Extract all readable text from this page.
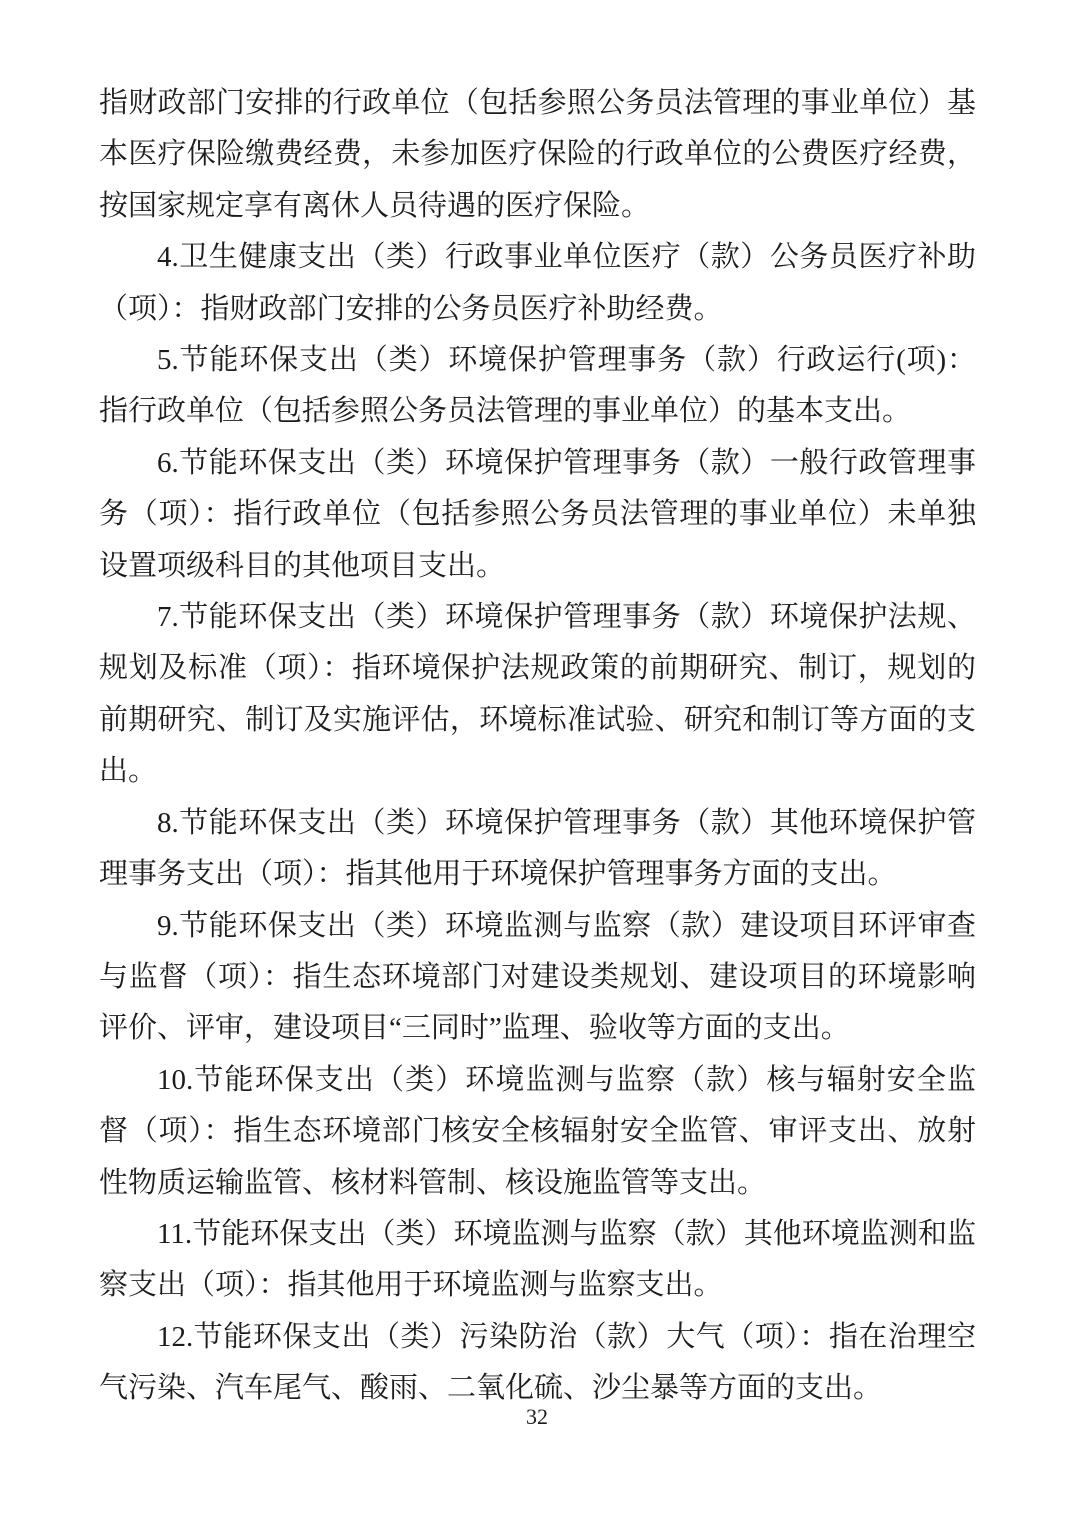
指财政部门安排的行政单位（包括参照公务员法管理的事业单位）基本医疗保险缴费经费，未参加医疗保险的行政单位的公费医疗经费，按国家规定享有离休人员待遇的医疗保险。

4.卫生健康支出（类）行政事业单位医疗（款）公务员医疗补助（项）：指财政部门安排的公务员医疗补助经费。

5.节能环保支出（类）环境保护管理事务（款）行政运行(项)：指行政单位（包括参照公务员法管理的事业单位）的基本支出。

6.节能环保支出（类）环境保护管理事务（款）一般行政管理事务（项）：指行政单位（包括参照公务员法管理的事业单位）未单独设置项级科目的其他项目支出。

7.节能环保支出（类）环境保护管理事务（款）环境保护法规、规划及标准（项）：指环境保护法规政策的前期研究、制订，规划的前期研究、制订及实施评估，环境标准试验、研究和制订等方面的支出。

8.节能环保支出（类）环境保护管理事务（款）其他环境保护管理事务支出（项）：指其他用于环境保护管理事务方面的支出。

9.节能环保支出（类）环境监测与监察（款）建设项目环评审查与监督（项）：指生态环境部门对建设类规划、建设项目的环境影响评价、评审，建设项目“三同时”监理、验收等方面的支出。

10.节能环保支出（类）环境监测与监察（款）核与辐射安全监督（项）：指生态环境部门核安全核辐射安全监管、审评支出、放射性物质运输监管、核材料管制、核设施监管等支出。

11.节能环保支出（类）环境监测与监察（款）其他环境监测和监察支出（项）：指其他用于环境监测与监察支出。

12.节能环保支出（类）污染防治（款）大气（项）：指在治理空气污染、汽车尾气、酸雨、二氧化硫、沙尘暴等方面的支出。

32
